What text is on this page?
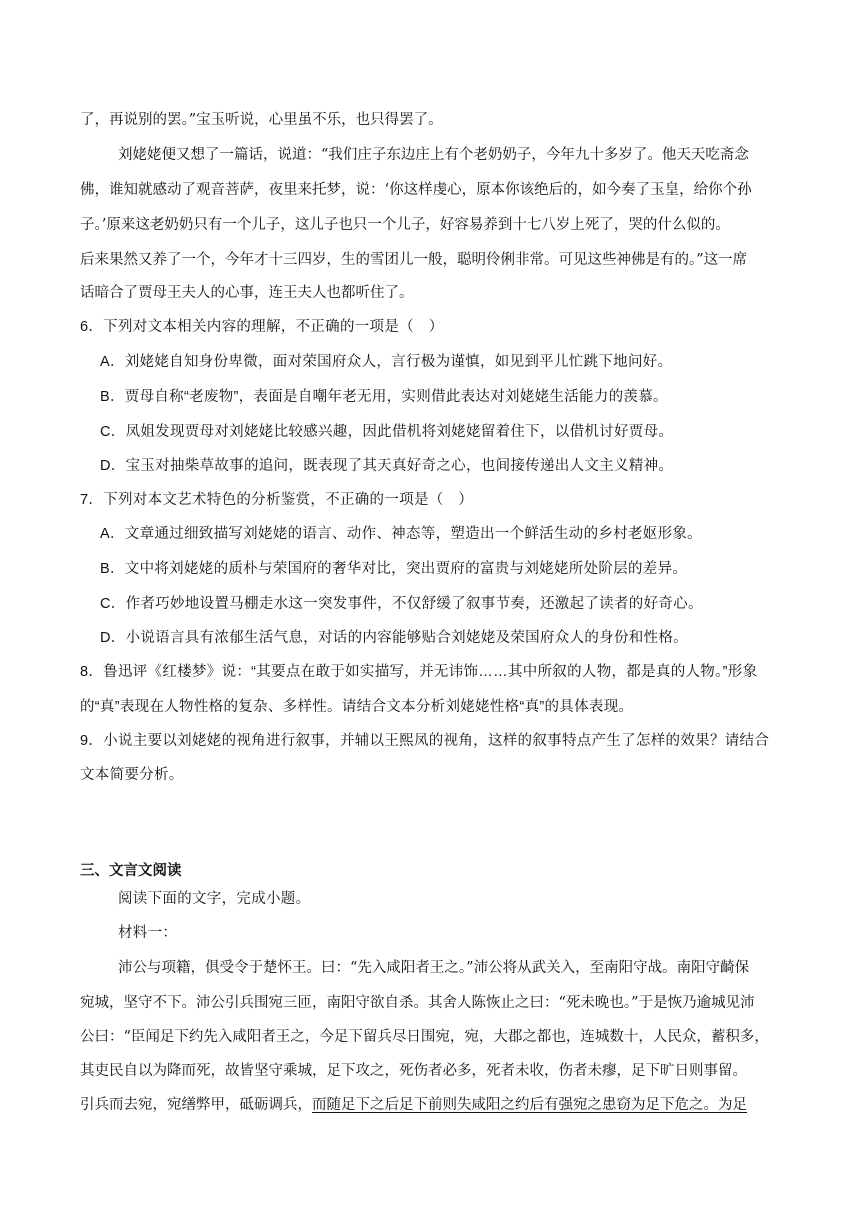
了，再说别的罢。”宝玉听说，心里虽不乐，也只得罢了。
刘姥姥便又想了一篇话，说道：“我们庄子东边庄上有个老奶奶子，今年九十多岁了。他天天吃斋念
佛，谁知就感动了观音菩萨，夜里来托梦，说：‘你这样虔心，原本你该绝后的，如今奏了玉皇，给你个孙
子。’原来这老奶奶只有一个儿子，这儿子也只一个儿子，好容易养到十七八岁上死了，哭的什么似的。
后来果然又养了一个，今年才十三四岁，生的雪团儿一般，聪明伶俐非常。可见这些神佛是有的。”这一席
话暗合了贾母王夫人的心事，连王夫人也都听住了。
6．下列对文本相关内容的理解，不正确的一项是（　）
A．刘姥姥自知身份卑微，面对荣国府众人，言行极为谨慎，如见到平儿忙跳下地问好。
B．贾母自称“老废物”，表面是自嘲年老无用，实则借此表达对刘姥姥生活能力的羡慕。
C．凤姐发现贾母对刘姥姥比较感兴趣，因此借机将刘姥姥留着住下，以借机讨好贾母。
D．宝玉对抽柴草故事的追问，既表现了其天真好奇之心，也间接传递出人文主义精神。
7．下列对本文艺术特色的分析鉴赏，不正确的一项是（　）
A．文章通过细致描写刘姥姥的语言、动作、神态等，塑造出一个鲜活生动的乡村老妪形象。
B．文中将刘姥姥的质朴与荣国府的奢华对比，突出贾府的富贵与刘姥姥所处阶层的差异。
C．作者巧妙地设置马棚走水这一突发事件，不仅舒缓了叙事节奏，还激起了读者的好奇心。
D．小说语言具有浓郁生活气息，对话的内容能够贴合刘姥姥及荣国府众人的身份和性格。
8．鲁迅评《红楼梦》说：“其要点在敢于如实描写，并无讳饰……其中所叙的人物，都是真的人物。”形象
的“真”表现在人物性格的复杂、多样性。请结合文本分析刘姥姥性格“真”的具体表现。
9．小说主要以刘姥姥的视角进行叙事，并辅以王熙凤的视角，这样的叙事特点产生了怎样的效果？请结合
文本简要分析。
三、文言文阅读
阅读下面的文字，完成小题。
材料一：
沛公与项籍，俱受令于楚怀王。曰：“先入咸阳者王之。”沛公将从武关入，至南阳守战。南阳守齮保
宛城，坚守不下。沛公引兵围宛三匝，南阳守欲自杀。其舍人陈恢止之曰：“死未晚也。”于是恢乃逾城见沛
公曰：“臣闻足下约先入咸阳者王之，今足下留兵尽日围宛，宛，大郡之都也，连城数十，人民众，蓄积多，
其吏民自以为降而死，故皆坚守乘城，足下攻之，死伤者必多，死者未收，伤者未瘳，足下旷日则事留。
引兵而去宛，宛缮弊甲，砥砺调兵，而随足下之后足下前则失咸阳之约后有强宛之患窃为足下危之。为足
